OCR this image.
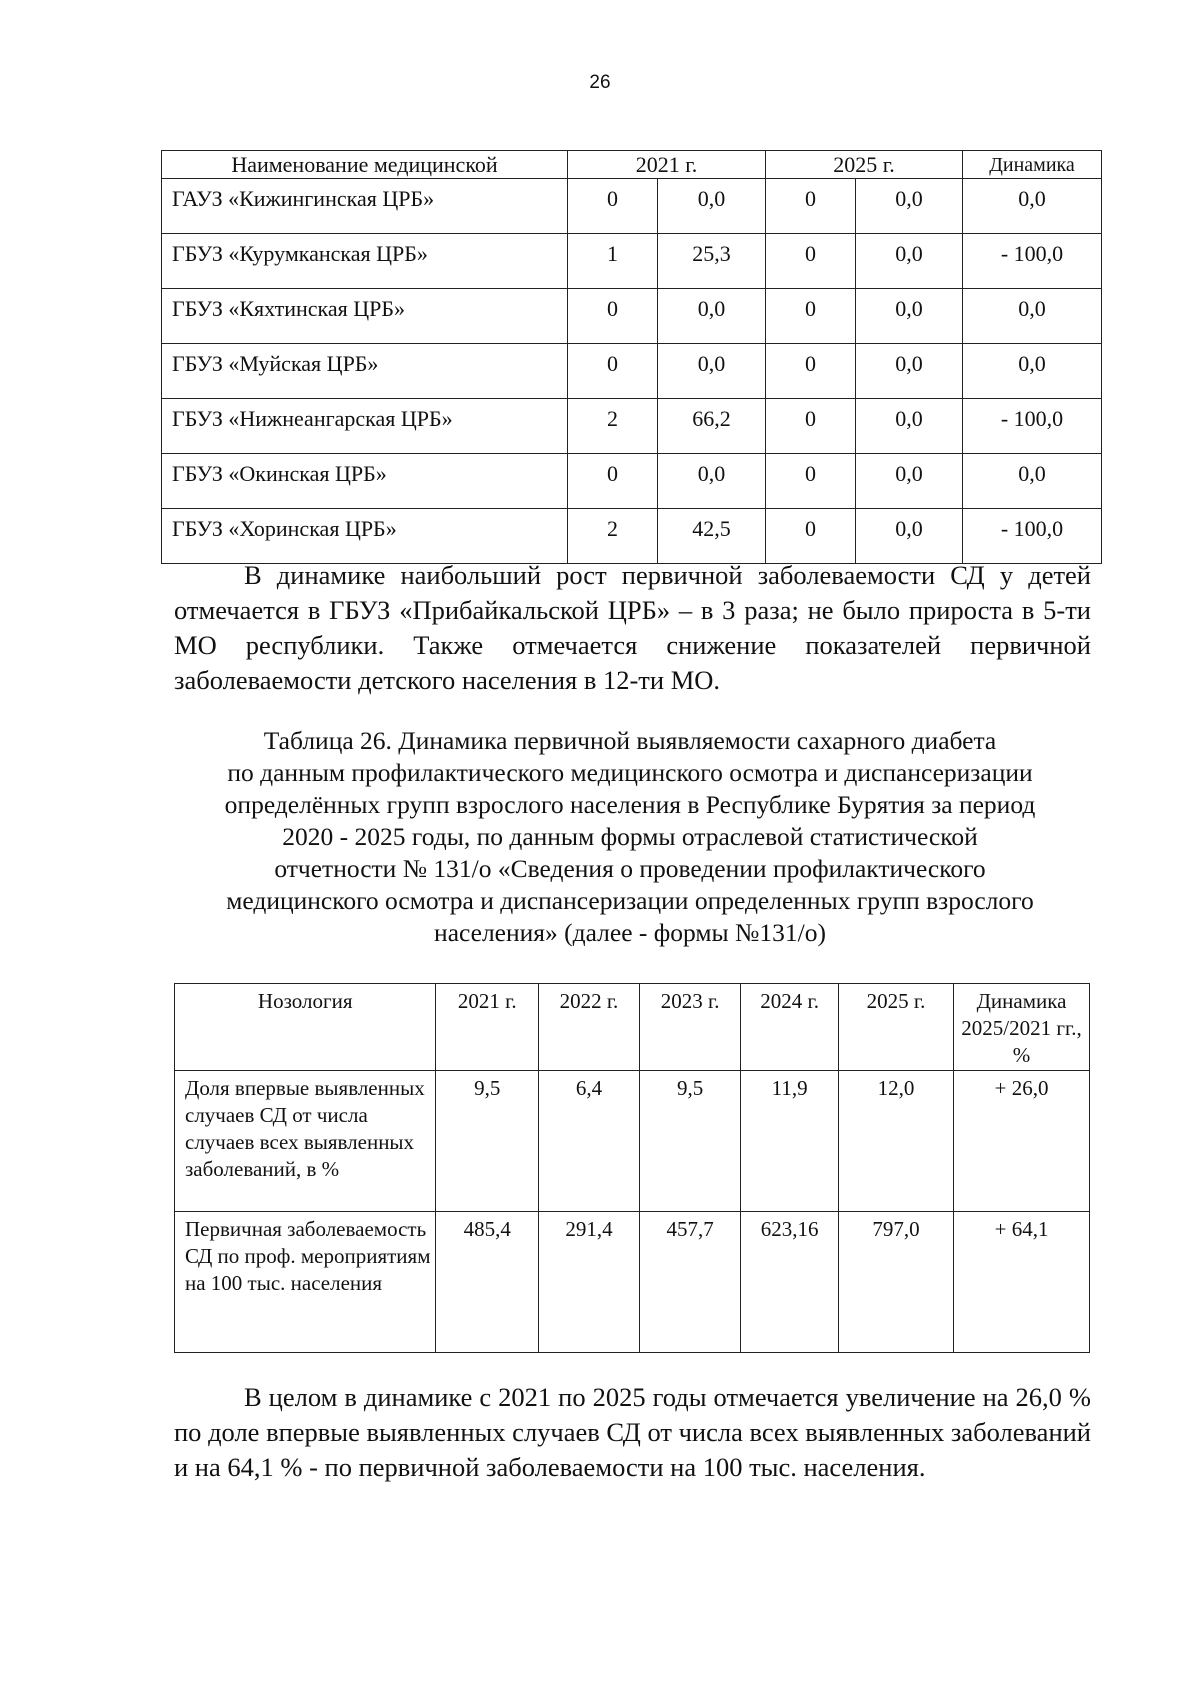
26
Наименование медицинской	2021 г.		2025 г.		Динамика
ГАУЗ «Кижингинская ЦРБ»	0	0,0	0	0,0	0,0
ГБУЗ «Курумканская ЦРБ»	1	25,3	0	0,0	- 100,0
ГБУЗ «Кяхтинская ЦРБ»	0	0,0	0	0,0	0,0
ГБУЗ «Муйская ЦРБ»	0	0,0	0	0,0	0,0
ГБУЗ «Нижнеангарская ЦРБ»	2	66,2	0	0,0	- 100,0
ГБУЗ «Окинская ЦРБ»	0	0,0	0	0,0	0,0
ГБУЗ «Хоринская ЦРБ»	2	42,5	0	0,0	- 100,0

В динамике наибольший рост первичной заболеваемости СД у детей отмечается в ГБУЗ «Прибайкальской ЦРБ» – в 3 раза; не было прироста в 5-ти МО республики. Также отмечается снижение показателей первичной заболеваемости детского населения в 12-ти МО.

Таблица 26. Динамика первичной выявляемости сахарного диабета
по данным профилактического медицинского осмотра и диспансеризации
определённых групп взрослого населения в Республике Бурятия за период
2020 - 2025 годы, по данным формы отраслевой статистической
отчетности № 131/о «Сведения о проведении профилактического
медицинского осмотра и диспансеризации определенных групп взрослого
населения» (далее - формы №131/о)
Нозология	2021 г.	2022 г.	2023 г.	2024 г.	2025 г.	Динамика 2025/2021 гг., %
Доля впервые выявленных случаев СД от числа случаев всех выявленных заболеваний, в %	9,5	6,4	9,5	11,9	12,0	+ 26,0
Первичная заболеваемость СД по проф. мероприятиям на 100 тыс. населения	485,4	291,4	457,7	623,16	797,0	+ 64,1

В целом в динамике с 2021 по 2025 годы отмечается увеличение на 26,0 % по доле впервые выявленных случаев СД от числа всех выявленных заболеваний и на 64,1 % - по первичной заболеваемости на 100 тыс. населения.
